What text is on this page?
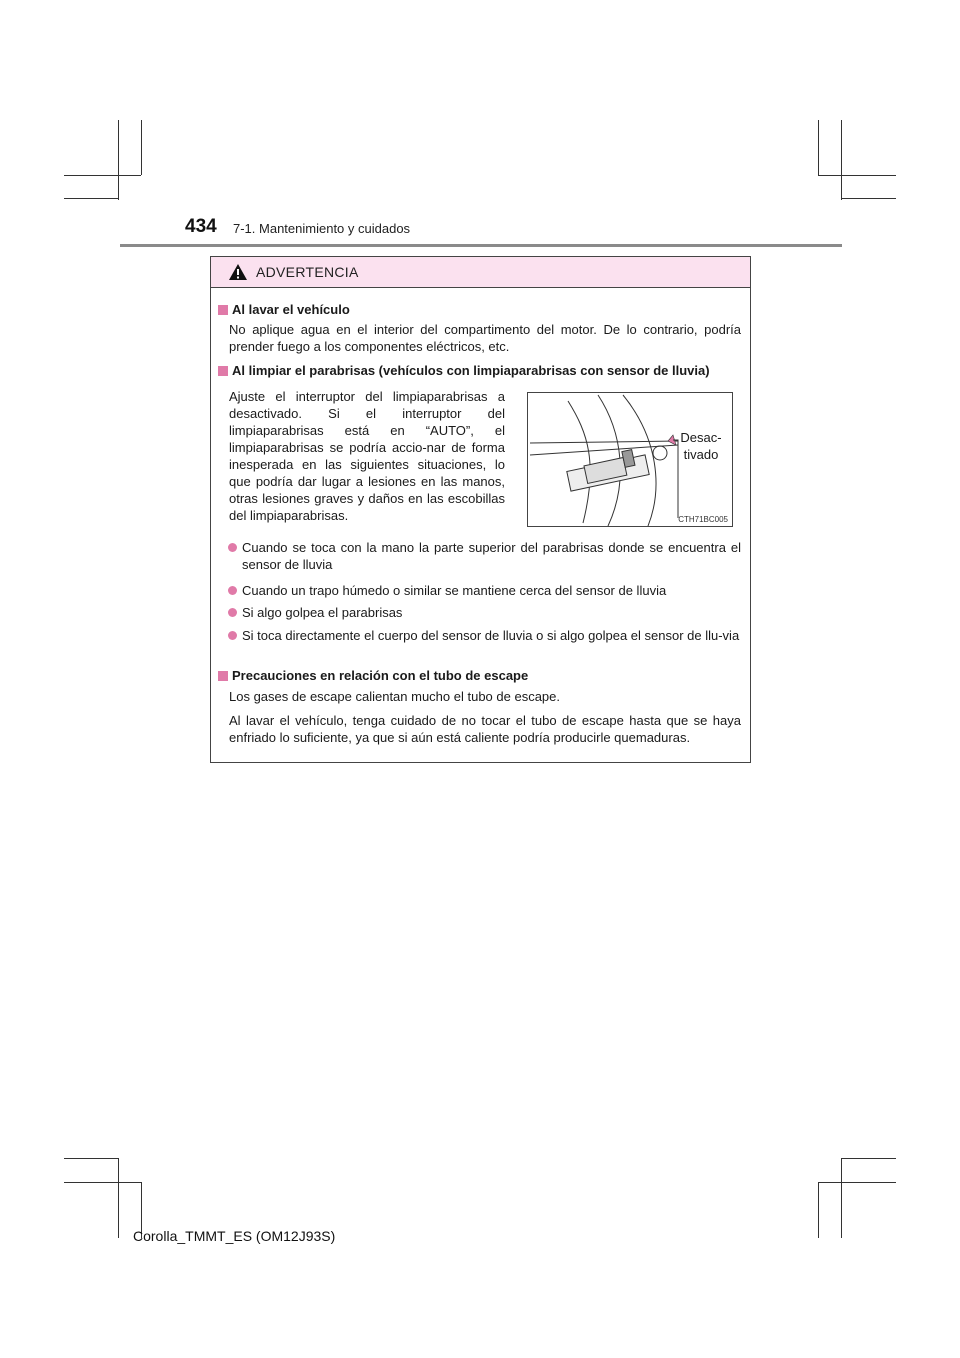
434 7-1. Mantenimiento y cuidados
ADVERTENCIA
Al lavar el vehículo
No aplique agua en el interior del compartimento del motor. De lo contrario, podría prender fuego a los componentes eléctricos, etc.
Al limpiar el parabrisas (vehículos con limpiaparabrisas con sensor de lluvia)
Ajuste el interruptor del limpiaparabrisas a desactivado. Si el interruptor del limpiaparabrisas está en “AUTO”, el limpiaparabrisas se podría accio-nar de forma inesperada en las siguientes situaciones, lo que podría dar lugar a lesiones en las manos, otras lesiones graves y daños en las escobillas del limpiaparabrisas.
Desac-tivado
CTH71BC005
Cuando se toca con la mano la parte superior del parabrisas donde se encuentra el sensor de lluvia
Cuando un trapo húmedo o similar se mantiene cerca del sensor de lluvia
Si algo golpea el parabrisas
Si toca directamente el cuerpo del sensor de lluvia o si algo golpea el sensor de llu-via
Precauciones en relación con el tubo de escape
Los gases de escape calientan mucho el tubo de escape.
Al lavar el vehículo, tenga cuidado de no tocar el tubo de escape hasta que se haya enfriado lo suficiente, ya que si aún está caliente podría producirle quemaduras.
Corolla_TMMT_ES (OM12J93S)
